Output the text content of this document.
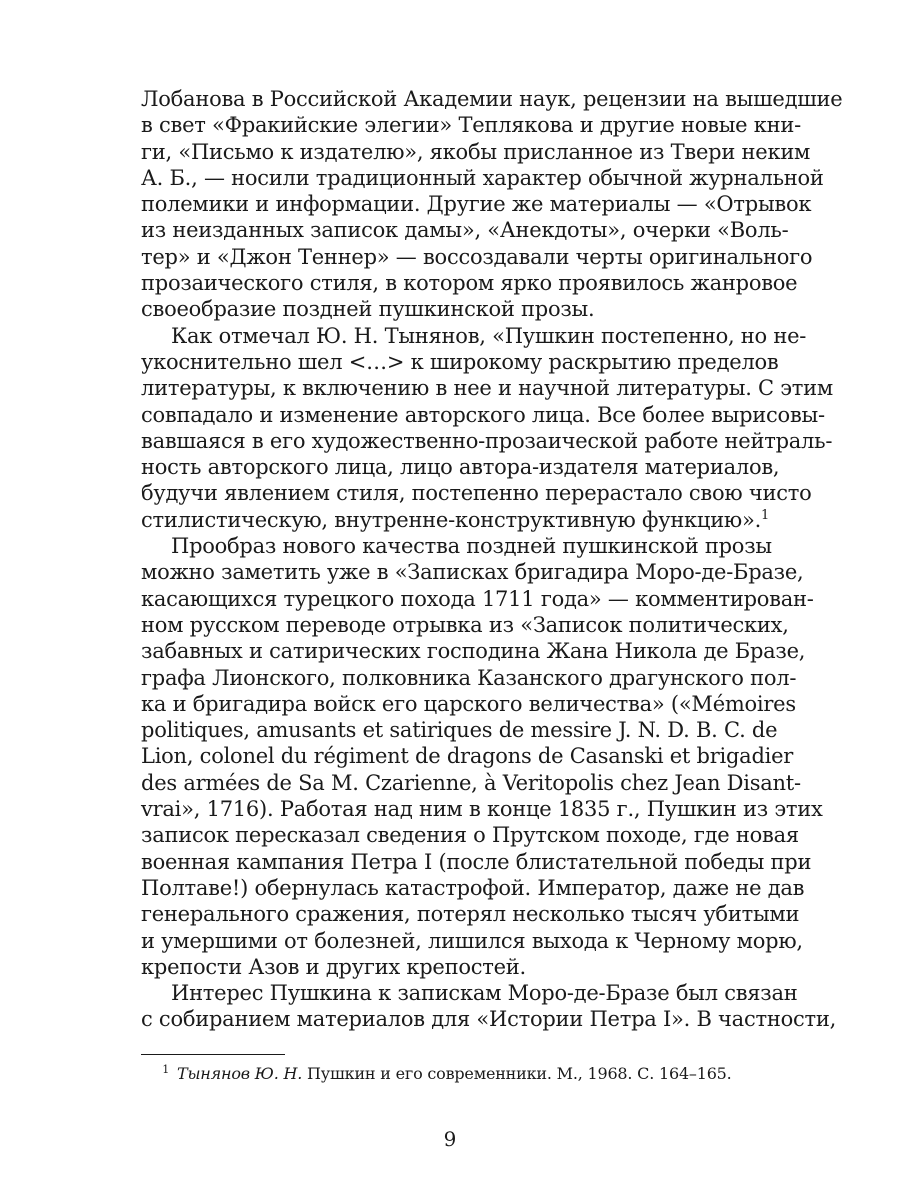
Лобанова в Российской Академии наук, рецензии на вышедшие
в свет «Фракийские элегии» Теплякова и другие новые кни-
ги, «Письмо к издателю», якобы присланное из Твери неким
А. Б., — носили традиционный характер обычной журнальной
полемики и информации. Другие же материалы — «Отрывок
из неизданных записок дамы», «Анекдоты», очерки «Воль-
тер» и «Джон Теннер» — воссоздавали черты оригинального
прозаического стиля, в котором ярко проявилось жанровое
своеобразие поздней пушкинской прозы.
Как отмечал Ю. Н. Тынянов, «Пушкин постепенно, но не-
укоснительно шел <…> к широкому раскрытию пределов
литературы, к включению в нее и научной литературы. С этим
совпадало и изменение авторского лица. Все более вырисовы-
вавшаяся в его художественно-прозаической работе нейтраль-
ность авторского лица, лицо автора-издателя материалов,
будучи явлением стиля, постепенно перерастало свою чисто
стилистическую, внутренне-конструктивную функцию».$^1$
Прообраз нового качества поздней пушкинской прозы
можно заметить уже в «Записках бригадира Моро-де-Бразе,
касающихся турецкого похода 1711 года» — комментирован-
ном русском переводе отрывка из «Записок политических,
забавных и сатирических господина Жана Никола де Бразе,
графа Лионского, полковника Казанского драгунского пол-
ка и бригадира войск его царского величества» («Mémoires
politiques, amusants et satiriques de messire J. N. D. B. C. de
Lion, colonel du régiment de dragons de Casanski et brigadier
des armées de Sa M. Czarienne, à Veritopolis chez Jean Disant-
vrai», 1716). Работая над ним в конце 1835 г., Пушкин из этих
записок пересказал сведения о Прутском походе, где новая
военная кампания Петра I (после блистательной победы при
Полтаве!) обернулась катастрофой. Император, даже не дав
генерального сражения, потерял несколько тысяч убитыми
и умершими от болезней, лишился выхода к Черному морю,
крепости Азов и других крепостей.
Интерес Пушкина к запискам Моро-де-Бразе был связан
с собиранием материалов для «Истории Петра I». В частности,
1 Тынянов Ю. Н. Пушкин и его современники. М., 1968. С. 164–165.
9
